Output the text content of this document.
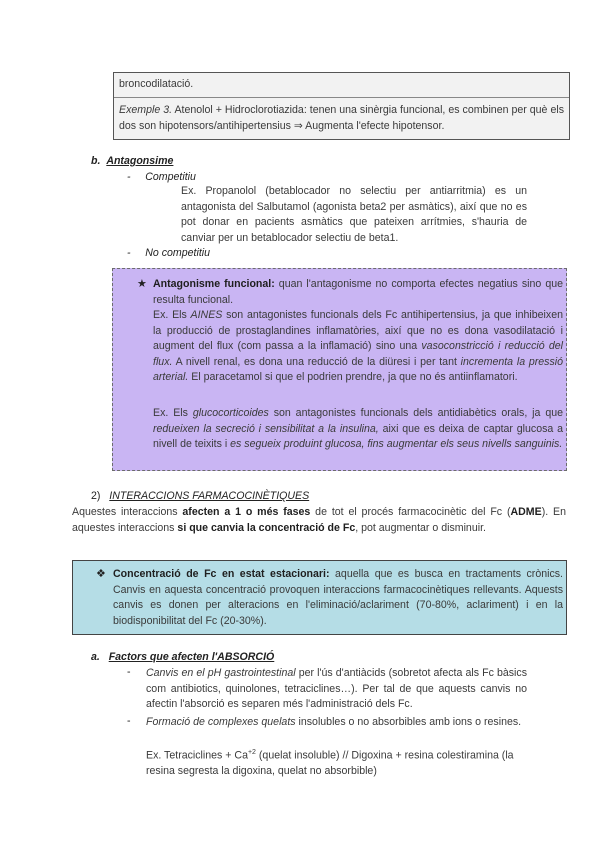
broncodilatació.
Exemple 3. Atenolol + Hidroclorotiazida: tenen una sinèrgia funcional, es combinen per què els dos son hipotensors/antihipertensius ⇒ Augmenta l'efecte hipotensor.
b. Antagonsime
-     Competitiu
Ex. Propanolol (betablocador no selectiu per antiarritmia) es un antagonista del Salbutamol (agonista beta2 per asmàtics), així que no es pot donar en pacients asmàtics que pateixen arrítmies, s'hauria de canviar per un betablocador selectiu de beta1.
-     No competitiu
★ Antagonisme funcional: quan l'antagonisme no comporta efectes negatius sino que resulta funcional.
Ex. Els AINES son antagonistes funcionals dels Fc antihipertensius, ja que inhibeixen la producció de prostaglandines inflamatòries, així que no es dona vasodilatació i augment del flux (com passa a la inflamació) sino una vasoconstricció i reducció del flux. A nivell renal, es dona una reducció de la diüresi i per tant incrementa la pressió arterial. El paracetamol si que el podrien prendre, ja que no és antiinflamatori.
Ex. Els glucocorticoides son antagonistes funcionals dels antidiabètics orals, ja que redueixen la secreció i sensibilitat a la insulina, aixi que es deixa de captar glucosa a nivell de teixits i es segueix produint glucosa, fins augmentar els seus nivells sanguinis.
2) INTERACCIONS FARMACOCINÈTIQUES
Aquestes interaccions afecten a 1 o més fases de tot el procés farmacocinètic del Fc (ADME). En aquestes interaccions si que canvia la concentració de Fc, pot augmentar o disminuir.
❖ Concentració de Fc en estat estacionari: aquella que es busca en tractaments crònics. Canvis en aquesta concentració provoquen interaccions farmacocinètiques rellevants. Aquests canvis es donen per alteracions en l'eliminació/aclariment (70-80%, aclariment) i en la biodisponibilitat del Fc (20-30%).
a. Factors que afecten l'ABSORCIÓ
- Canvis en el pH gastrointestinal per l'ús d'antiàcids (sobretot afecta als Fc bàsics com antibiotics, quinolones, tetraciclines…). Per tal de que aquests canvis no afectin l'absorció es separen més l'administració dels Fc.
- Formació de complexes quelats insolubles o no absorbibles amb ions o resines.
Ex. Tetraciclines + $Ca^{+2}$ (quelat insoluble) // Digoxina + resina colestiramina (la resina segresta la digoxina, quelat no absorbible)
